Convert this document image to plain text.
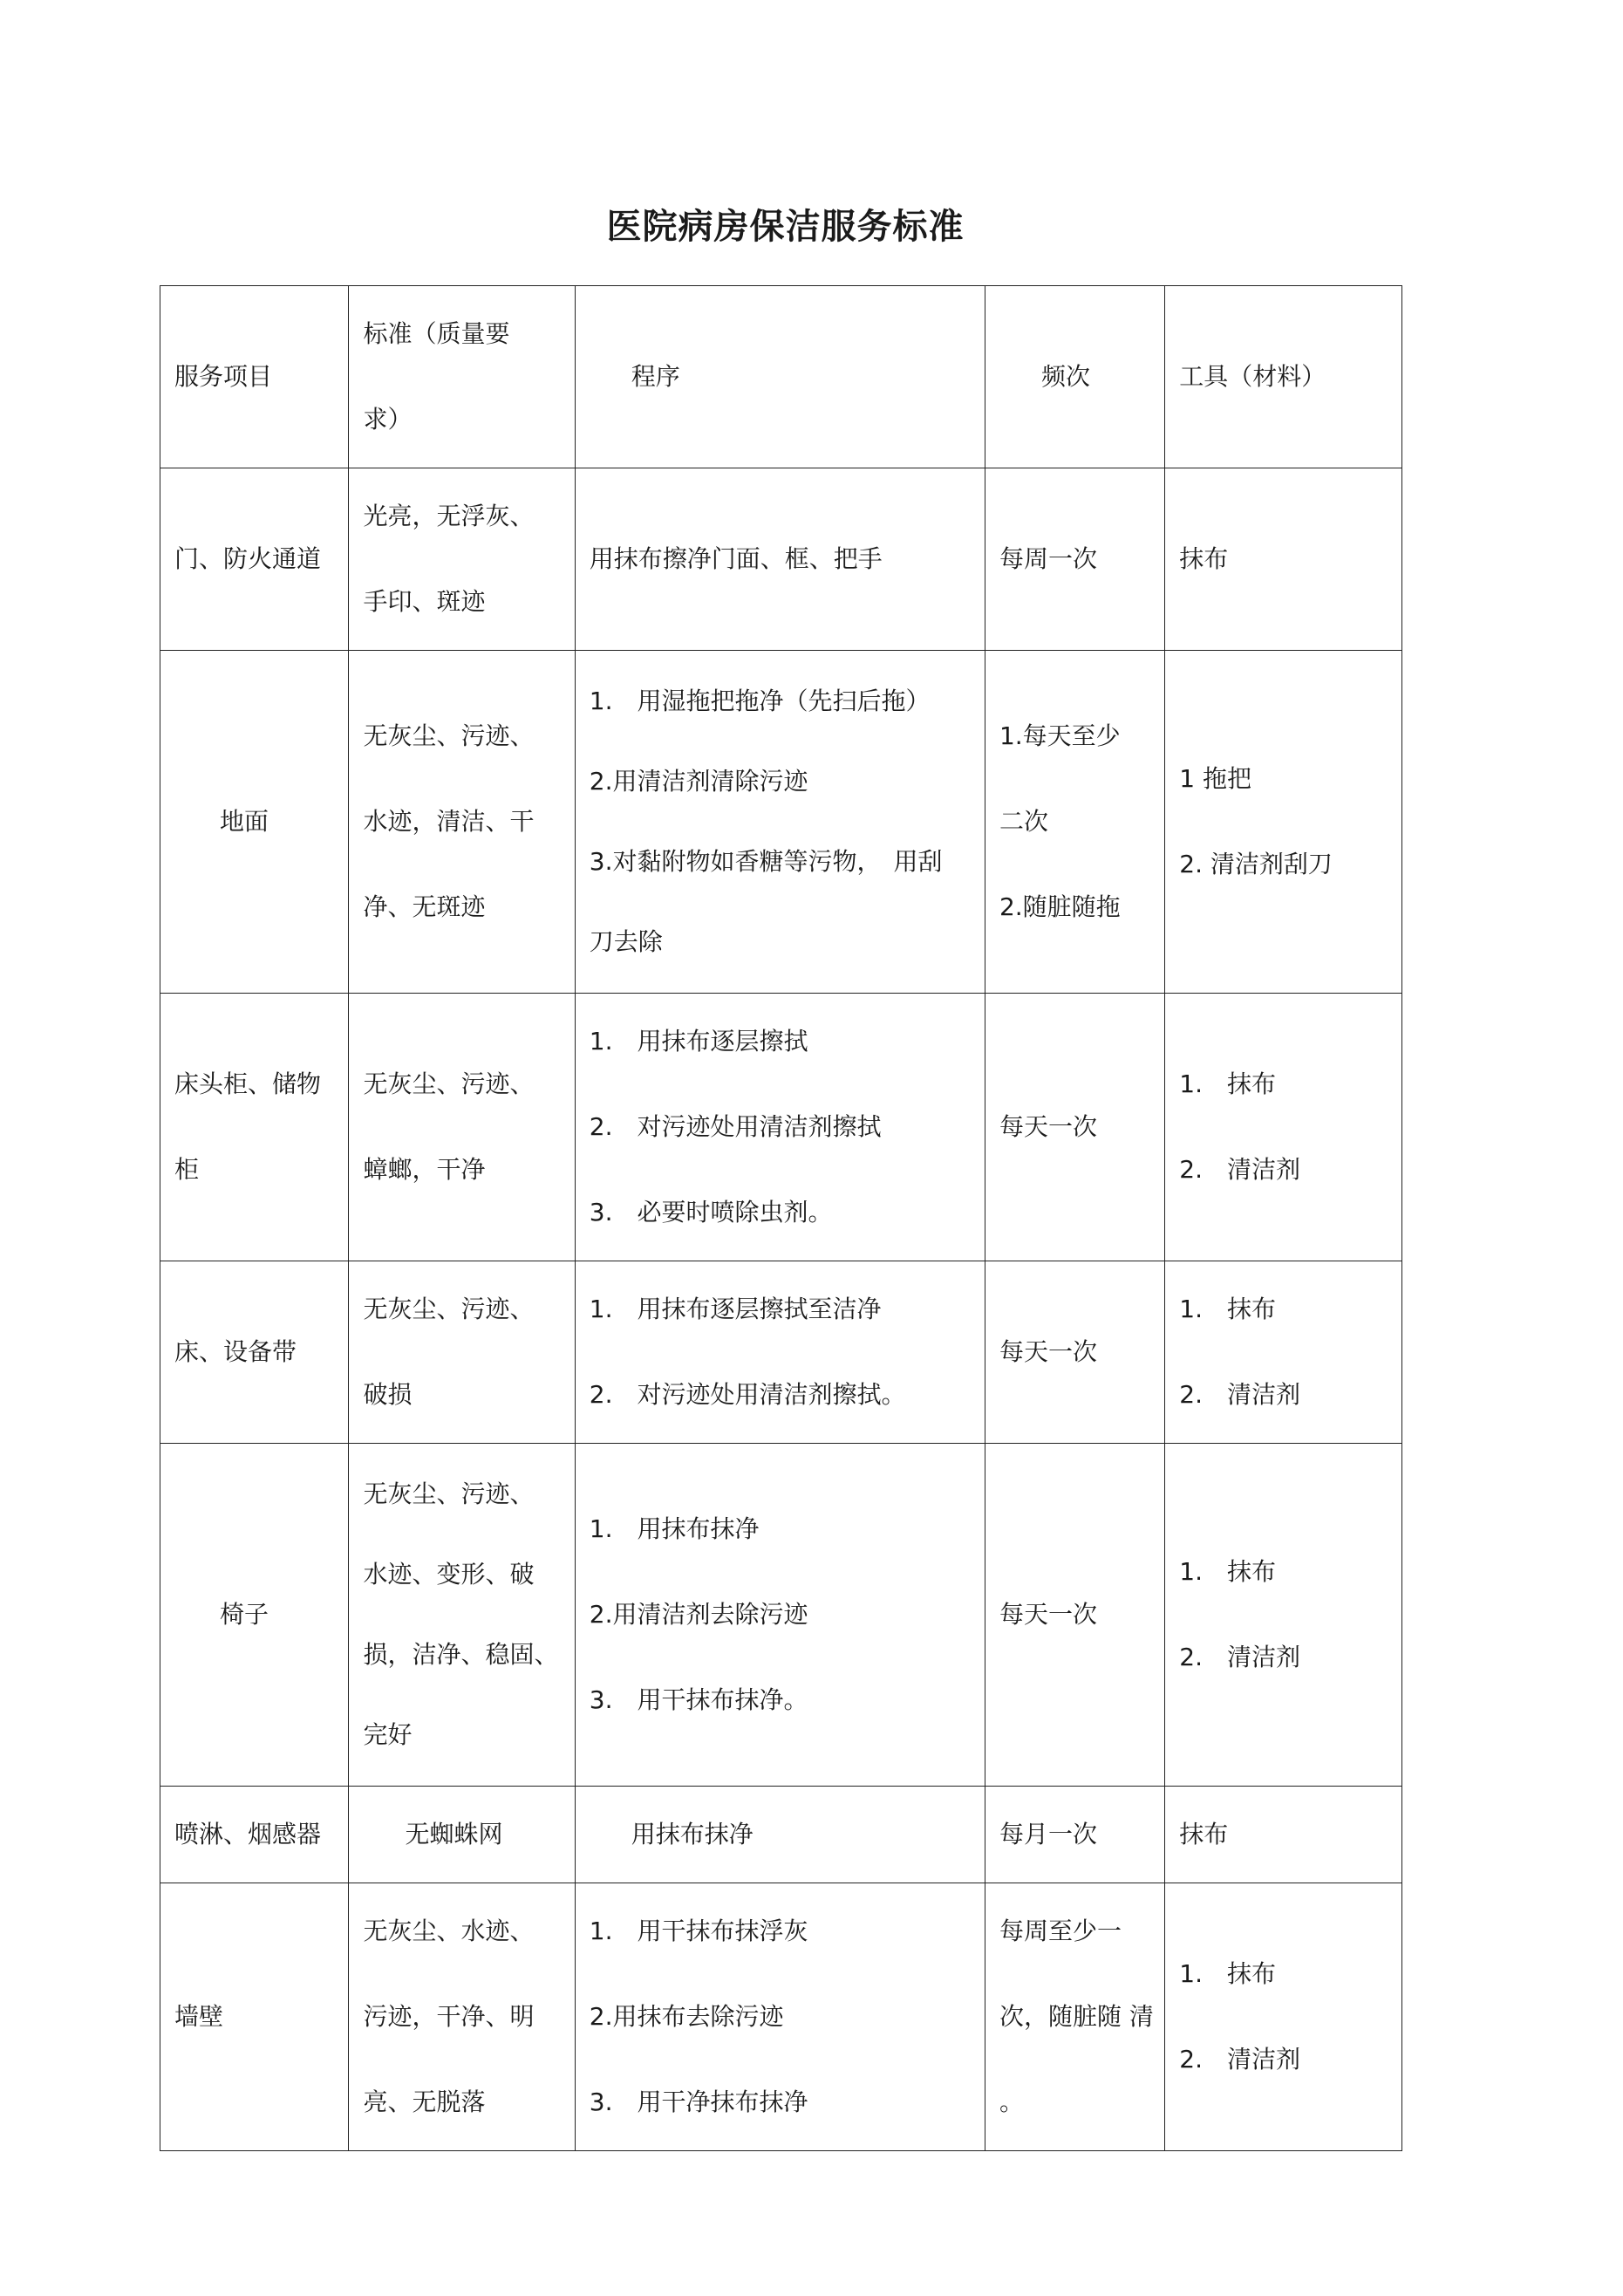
医院病房保洁服务标准
服务项目	标准（质量要
求）	程序	频次	工具（材料）

门、防火通道	光亮，无浮灰、
手印、斑迹	用抹布擦净门面、框、把手	每周一次	抹布

地面	无灰尘、污迹、
水迹，清洁、干
净、无斑迹	1.　用湿拖把拖净（先扫后拖）
2.用清洁剂清除污迹
3.对黏附物如香糖等污物，　用刮
刀去除	1.每天至少
二次
2.随脏随拖	1 拖把
2. 清洁剂刮刀

床头柜、储物
柜	无灰尘、污迹、
蟑螂，干净	1.　用抹布逐层擦拭
2.　对污迹处用清洁剂擦拭
3.　必要时喷除虫剂。	每天一次	1.　抹布
2.　清洁剂

床、设备带	无灰尘、污迹、
破损	1.　用抹布逐层擦拭至洁净
2.　对污迹处用清洁剂擦拭。	每天一次	1.　抹布
2.　清洁剂

椅子	无灰尘、污迹、
水迹、变形、破
损，洁净、稳固、
完好	1.　用抹布抹净
2.用清洁剂去除污迹
3.　用干抹布抹净。	每天一次	1.　抹布
2.　清洁剂

喷淋、烟感器	无蜘蛛网	用抹布抹净	每月一次	抹布

墙壁	无灰尘、水迹、
污迹，干净、明
亮、无脱落	1.　用干抹布抹浮灰
2.用抹布去除污迹
3.　用干净抹布抹净	每周至少一
次，随脏随 清
。	1.　抹布
2.　清洁剂
